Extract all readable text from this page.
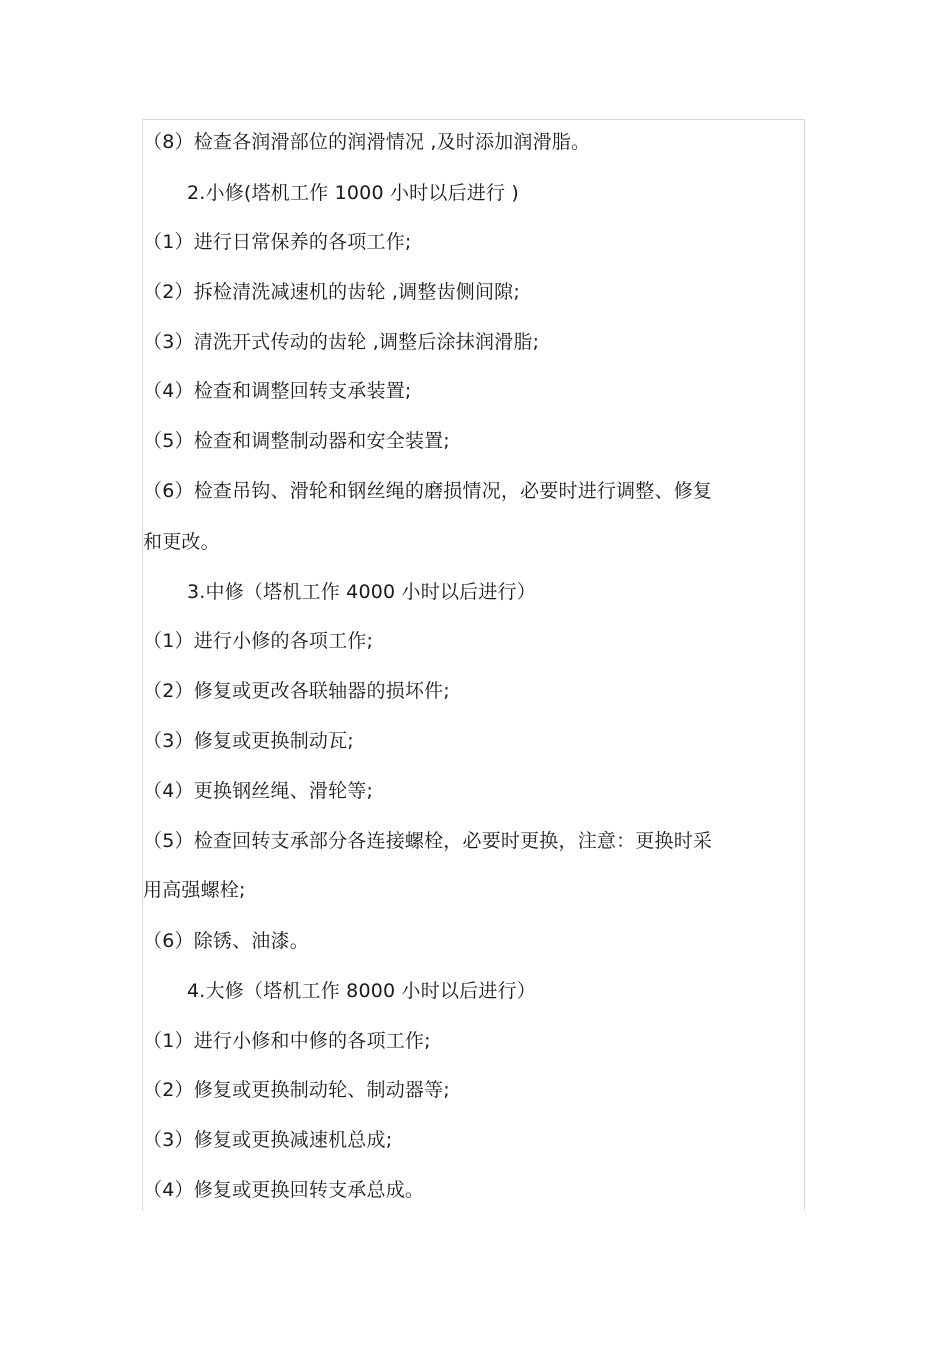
（8）检查各润滑部位的润滑情况 ,及时添加润滑脂。
2.小修(塔机工作 1000 小时以后进行 )
（1）进行日常保养的各项工作;
（2）拆检清洗减速机的齿轮 ,调整齿侧间隙;
（3）清洗开式传动的齿轮 ,调整后涂抹润滑脂;
（4）检查和调整回转支承装置;
（5）检查和调整制动器和安全装置;
（6）检查吊钩、滑轮和钢丝绳的磨损情况，必要时进行调整、修复
和更改。
3.中修（塔机工作 4000 小时以后进行）
（1）进行小修的各项工作;
（2）修复或更改各联轴器的损坏件;
（3）修复或更换制动瓦;
（4）更换钢丝绳、滑轮等;
（5）检查回转支承部分各连接螺栓，必要时更换，注意：更换时采
用高强螺栓;
（6）除锈、油漆。
4.大修（塔机工作 8000 小时以后进行）
（1）进行小修和中修的各项工作;
（2）修复或更换制动轮、制动器等;
（3）修复或更换减速机总成;
（4）修复或更换回转支承总成。
